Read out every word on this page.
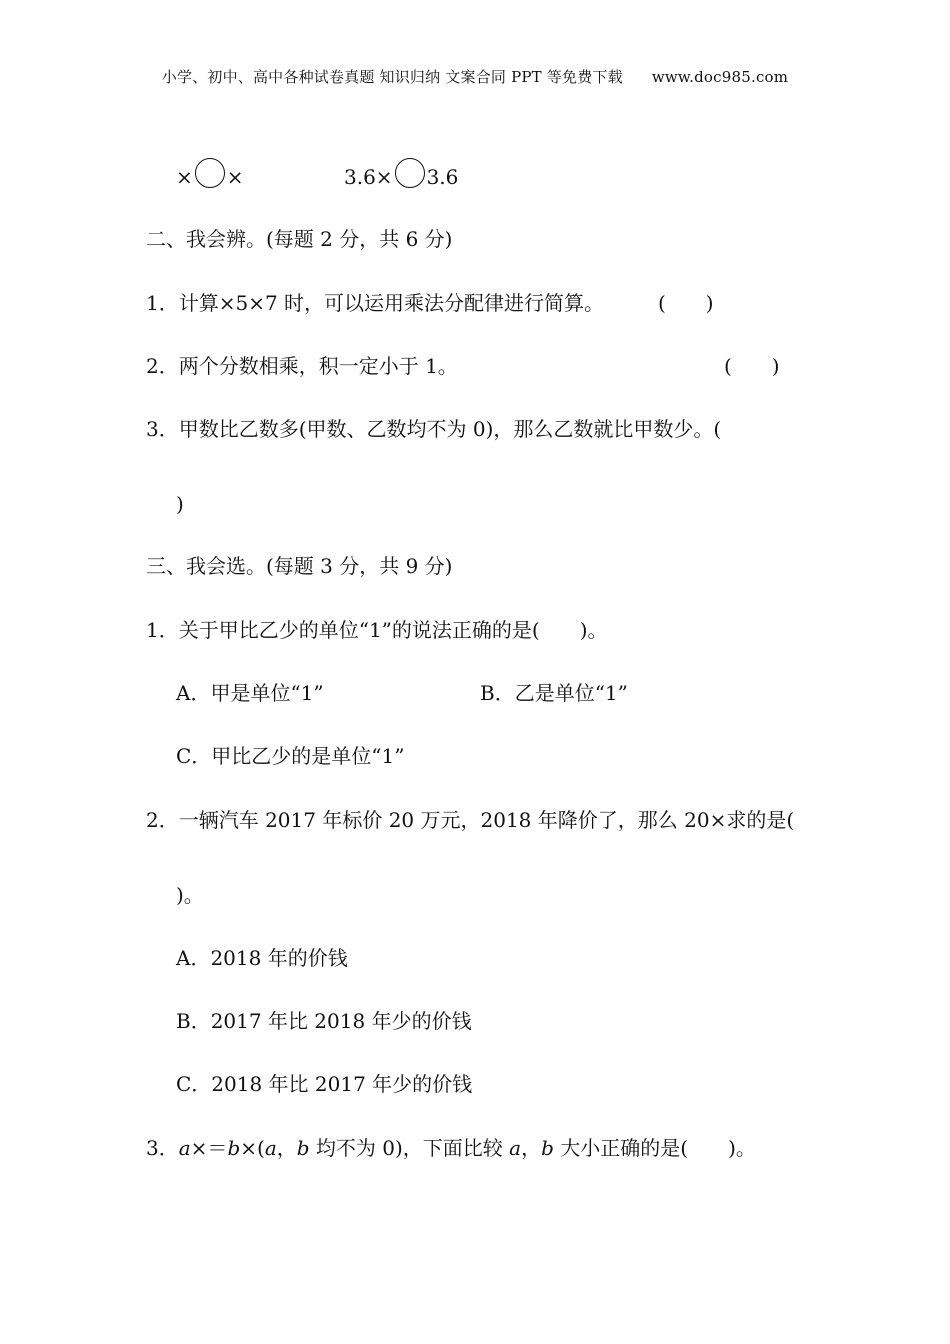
小学、初中、高中各种试卷真题 知识归纳 文案合同 PPT 等免费下载 www.doc985.com
× ×	3.6× 3.6
二、我会辨。(每题 2 分，共 6 分)
1．计算×5×7 时，可以运用乘法分配律进行简算。	(　　)
2．两个分数相乘，积一定小于 1。	(　　)
3．甲数比乙数多(甲数、乙数均不为 0)，那么乙数就比甲数少。(
)
三、我会选。(每题 3 分，共 9 分)
1．关于甲比乙少的单位“1”的说法正确的是(　　)。
A．甲是单位“1”	B．乙是单位“1”
C．甲比乙少的是单位“1”
2．一辆汽车 2017 年标价 20 万元，2018 年降价了，那么 20×求的是(
)。
A．2018 年的价钱
B．2017 年比 2018 年少的价钱
C．2018 年比 2017 年少的价钱
3．a×＝b×(a，b 均不为 0)，下面比较 a，b 大小正确的是(　　)。
